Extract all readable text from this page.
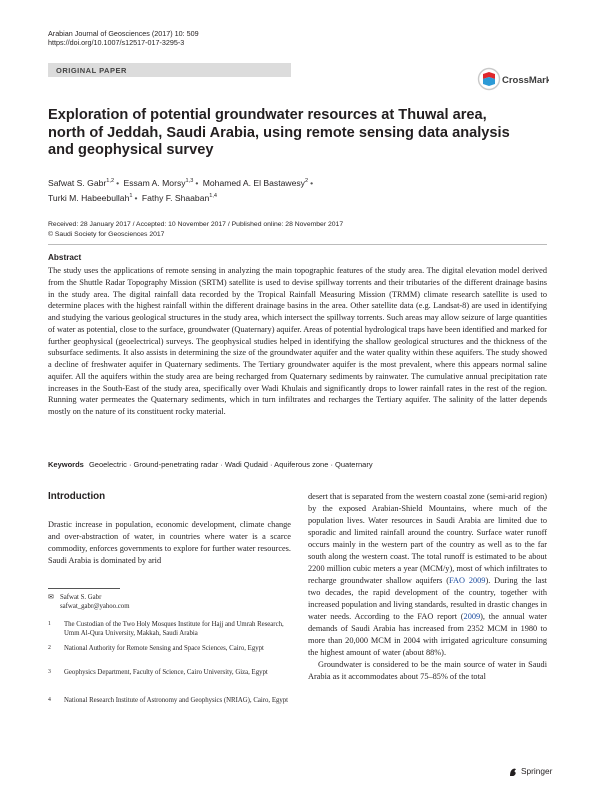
Arabian Journal of Geosciences (2017) 10: 509
https://doi.org/10.1007/s12517-017-3295-3
ORIGINAL PAPER
CrossMark
Exploration of potential groundwater resources at Thuwal area, north of Jeddah, Saudi Arabia, using remote sensing data analysis and geophysical survey
Safwat S. Gabr$^{1,2}$ • Essam A. Morsy$^{1,3}$ • Mohamed A. El Bastawesy$^2$ •
Turki M. Habeebullah$^1$ • Fathy F. Shaaban$^{1,4}$
Received: 28 January 2017 / Accepted: 10 November 2017 / Published online: 28 November 2017
© Saudi Society for Geosciences 2017
Abstract
The study uses the applications of remote sensing in analyzing the main topographic features of the study area. The digital elevation model derived from the Shuttle Radar Topography Mission (SRTM) satellite is used to devise spillway torrents and their tributaries of the different drainage basins in the study area. The digital rainfall data recorded by the Tropical Rainfall Measuring Mission (TRMM) climate research satellite is used to determine places with the highest rainfall within the different drainage basins in the area. Other satellite data (e.g. Landsat-8) are used in identifying and studying the various geological structures in the study area, which intersect the spillway torrents. Such areas may allow seizure of large quantities of water as potential, close to the surface, groundwater (Quaternary) aquifer. Areas of potential hydrological traps have been identified and marked for further geophysical (geoelectrical) surveys. The geophysical studies helped in identifying the shallow geological structures and the thickness of the subsurface sediments. It also assists in determining the size of the groundwater aquifer and the water quality within these aquifers. The study showed a decline of freshwater aquifer in Quaternary sediments. The Tertiary groundwater aquifer is the most prevalent, where this appears normal saline aquifer. All the aquifers within the study area are being recharged from Quaternary sediments by rainwater. The cumulative annual precipitation rate increases in the South-East of the study area, specifically over Wadi Khulais and significantly drops to lower rainfall rates in the rest of the region. Running water permeates the Quaternary sediments, which in turn infiltrates and recharges the Tertiary aquifer. The salinity of the latter depends mostly on the nature of its constituent rocky material.
Keywords Geoelectric · Ground-penetrating radar · Wadi Qudaid · Aquiferous zone · Quaternary
Introduction
Drastic increase in population, economic development, climate change and over-abstraction of water, in countries where water is a scarce commodity, enforces governments to explore for further water resources. Saudi Arabia is dominated by arid
desert that is separated from the western coastal zone (semi-arid region) by the exposed Arabian-Shield Mountains, where much of the population lives. Water resources in Saudi Arabia are limited due to sporadic and limited rainfall around the country. Surface water runoff occurs mainly in the western part of the country as well as to the far south along the western coast. The total runoff is estimated to be about 2200 million cubic meters a year (MCM/y), most of which infiltrates to recharge groundwater shallow aquifers (FAO 2009). During the last two decades, the rapid development of the country, together with increased population and living standards, resulted in drastic changes in water needs. According to the FAO report (2009), the annual water demands of Saudi Arabia has increased from 2352 MCM in 1980 to more than 20,000 MCM in 2004 with irrigated agriculture consuming the highest amount of water (about 88%).
Groundwater is considered to be the main source of water in Saudi Arabia as it accommodates about 75–85% of the total
✉ Safwat S. Gabr
safwat_gabr@yahoo.com
1 The Custodian of the Two Holy Mosques Institute for Hajj and Umrah Research, Umm Al-Qura University, Makkah, Saudi Arabia
2 National Authority for Remote Sensing and Space Sciences, Cairo, Egypt
3 Geophysics Department, Faculty of Science, Cairo University, Giza, Egypt
4 National Research Institute of Astronomy and Geophysics (NRIAG), Cairo, Egypt
Springer
